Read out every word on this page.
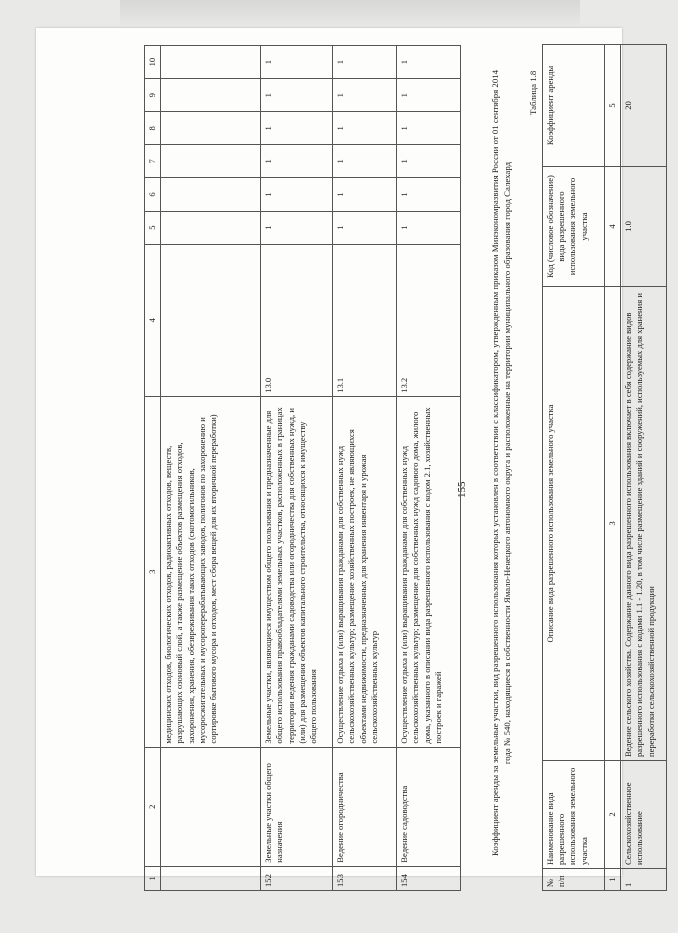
155
1	2	3	4	5	6	7	8	9	10
		медицинских отходов, биологических отходов, радиоактивных отходов, веществ, разрушающих озоновый слой, а также размещение объектов размещения отходов, захоронения, хранения, обезвреживания таких отходов (скотомогильников, мусоросжигательных и мусороперерабатывающих заводов, полигонов по захоронению и сортировке бытового мусора и отходов, мест сбора вещей для их вторичной переработки)							
152	Земельные участки общего назначения	Земельные участки, являющиеся имуществом общего пользования и предназначенные для общего использования правообладателями земельных участков, расположенных в границах территории ведения гражданами садоводства или огородничества для собственных нужд, и (или) для размещения объектов капитального строительства, относящихся к имуществу общего пользования	13.0	1	1	1	1	1	1
153	Ведение огородничества	Осуществление отдыха и (или) выращивания гражданами для собственных нужд сельскохозяйственных культур; размещение хозяйственных построек, не являющихся объектами недвижимости, предназначенных для хранения инвентаря и урожая сельскохозяйственных культур	13.1	1	1	1	1	1	1
154	Ведение садоводства	Осуществление отдыха и (или) выращивания гражданами для собственных нужд сельскохозяйственных культур; размещение для собственных нужд садового дома, жилого дома, указанного в описании вида разрешенного использования с кодом 2.1, хозяйственных построек и гаражей	13.2	1	1	1	1	1	1
Коэффициент аренды за земельные участки, вид разрешенного использования которых установлен в соответствии с классификатором, утвержденным приказом Минэкономразвития России от 01 сентября 2014 года № 540, находящиеся в собственности Ямало-Ненецкого автономного округа и расположенные на территории муниципального образования город Салехард
Таблица 1.8
№ п/п	Наименование вида разрешенного использования земельного участка	Описание вида разрешенного использования земельного участка	Код (числовое обозначение) вида разрешенного использования земельного участка	Коэффициент аренды
1	2	3	4	5
1	Сельскохозяйственное использование	Ведение сельского хозяйства. Содержание данного вида разрешенного использования включает в себя содержание видов разрешенного использования с кодами 1.1 - 1.20, в том числе размещение зданий и сооружений, используемых для хранения и переработки сельскохозяйственной продукции	1.0	20
